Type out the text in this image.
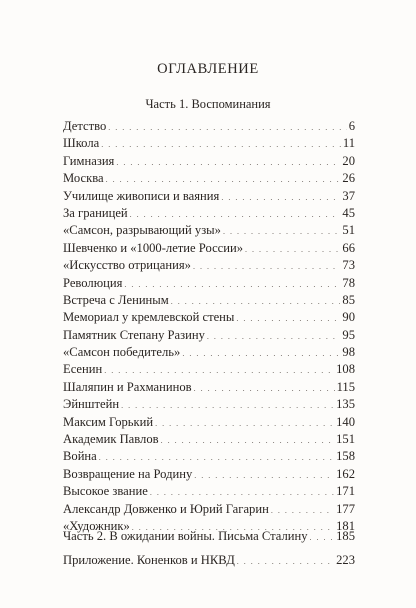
ОГЛАВЛЕНИЕ
Часть 1. Воспоминания
Детство . . .	6
Школа . . .	11
Гимназия . . .	20
Москва . . .	26
Училище живописи и ваяния . . .	37
За границей . . .	45
«Самсон, разрывающий узы» . . .	51
Шевченко и «1000-летие России» . . .	66
«Искусство отрицания» . . .	73
Революция . . .	78
Встреча с Лениным . . .	85
Мемориал у кремлевской стены . . .	90
Памятник Степану Разину . . .	95
«Самсон победитель» . . .	98
Есенин . . .	108
Шаляпин и Рахманинов . . .	115
Эйнштейн . . .	135
Максим Горький . . .	140
Академик Павлов . . .	151
Война . . .	158
Возвращение на Родину . . .	162
Высокое звание . . .	171
Александр Довженко и Юрий Гагарин . . .	177
«Художник» . . .	181
Часть 2. В ожидании войны. Письма Сталину . . . 185
Приложение. Коненков и НКВД . . .	223
